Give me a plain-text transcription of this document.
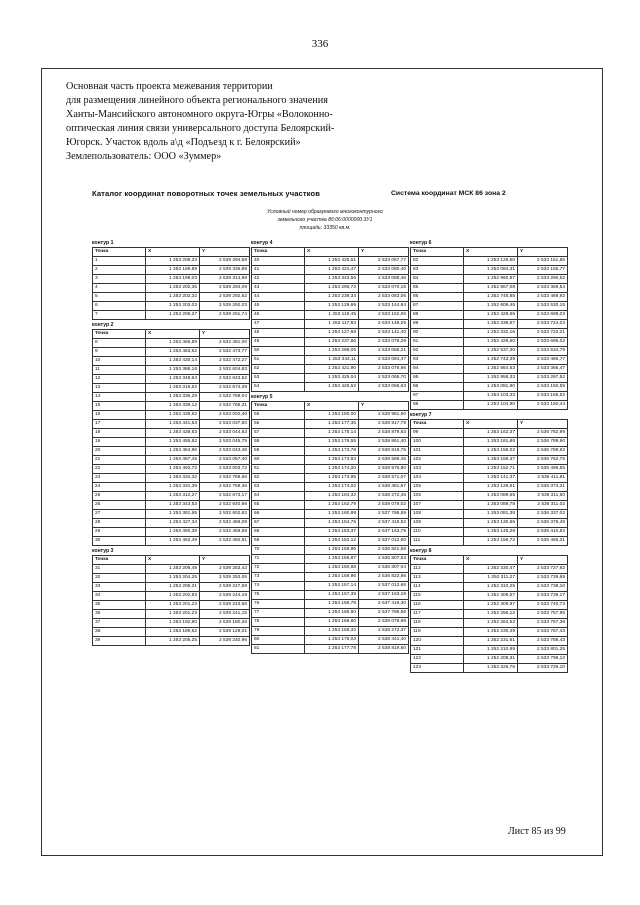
336
Основная часть проекта межевания территории
для размещения линейного объекта регионального значения
Ханты-Мансийского автономного округа-Югры «Волоконно-
оптическая линия связи универсального доступа Белоярский-
Югорск. Участок вдоль а\д «Подъезд к г. Белоярский»
Землепользователь: ООО «Зуммер»
Каталог координат поворотных точек земельных участков	Система координат МСК 86 зона 2
Условный номер образуемого многоконтурного
земельного участка 86:06:0000000:3У1
площадь: 33350 кв.м.
контур 1
Точка	X	Y
1	1 253 208,33	2 539 294,59
2	1 253 189,89	2 539 336,89
3	1 253 199,03	2 539 314,98
4	1 253 202,35	2 539 294,09
5	1 253 202,32	2 539 292,52
6	1 253 203,03	2 539 292,03
7	1 253 206,27	2 539 291,74
контур 2
Точка	X	Y
8	1 253 466,89	2 532 481,00
9	1 253 463,82	2 532 473,77
10	1 253 430,14	2 532 472,27
11	1 253 386,18	2 532 604,83
12	1 253 348,64	2 532 643,52
13	1 253 316,62	2 532 674,39
14	1 253 336,29	2 532 759,04
15	1 253 339,12	2 532 766,31
16	1 253 436,62	2 533 002,40
17	1 253 441,53	2 533 037,60
18	1 253 438,63	2 533 044,83
19	1 253 455,82	2 533 045,75
20	1 253 464,96	2 533 043,48
21	1 253 487,45	2 533 057,40
22	1 253 492,72	2 533 003,72
23	1 253 334,32	2 532 768,66
24	1 253 331,39	2 532 759,36
25	1 253 312,27	2 532 673,17
26	1 253 343,53	2 532 640,98
27	1 253 381,65	2 532 602,82
28	1 253 427,34	2 532 468,09
29	1 253 450,38	2 532 459,58
30	1 253 462,49	2 532 460,91
контур 3
Точка	X	Y
31	1 253 206,49	2 539 253,43
32	1 253 204,25	2 539 253,06
33	1 253 205,31	2 539 247,59
34	1 253 202,83	2 539 244,19
35	1 253 201,23	2 539 243,56
36	1 253 201,23	2 539 241,15
37	1 253 192,90	2 539 180,26
38	1 253 189,82	2 539 129,01
39	1 253 205,25	2 539 240,96
контур 4
Точка	X	Y
40	1 253 425,51	2 533 067,77
41	1 253 424,47	2 533 080,40
42	1 253 343,56	2 533 088,46
43	1 253 296,72	2 533 070,15
44	1 253 239,34	2 533 083,06
45	1 253 129,69	2 533 144,84
46	1 253 119,45	2 533 152,06
47	1 253 117,93	2 533 148,25
48	1 253 127,68	2 533 141,40
49	1 253 237,86	2 533 079,29
50	1 253 298,05	2 533 066,21
51	1 253 344,11	2 533 084,47
52	1 253 421,90	2 533 076,96
53	1 253 425,04	2 533 065,70
54	1 253 426,52	2 533 066,63
контур 5
Точка	X	Y
55	1 253 180,00	2 538 981,60
56	1 253 177,35	2 538 917,79
57	1 253 175,14	2 538 879,83
58	1 253 176,55	2 538 861,40
59	1 253 173,78	2 538 819,75
60	1 253 173,93	2 538 589,45
61	1 253 174,20	2 538 576,80
62	1 253 173,95	2 538 571,07
63	1 253 174,02	2 538 481,67
64	1 253 164,32	2 538 272,45
65	1 253 162,79	2 538 079,02
66	1 253 160,89	2 537 786,59
67	1 253 154,75	2 537 418,52
68	1 253 153,37	2 537 163,79
69	1 253 153,12	2 537 012,60
70	1 253 155,96	2 536 821,58
71	1 253 156,87	2 536 807,53
72	1 253 160,88	2 536 807,04
73	1 253 159,96	2 536 822,98
74	1 253 157,14	2 537 012,66
75	1 253 157,38	2 537 163,19
76	1 253 158,78	2 537 418,30
77	1 253 165,90	2 537 786,56
78	1 253 166,80	2 538 078,99
79	1 253 168,33	2 538 272,37
80	1 253 178,03	2 538 441,40
81	1 253 177,78	2 538 819,60
контур 6
Точка	X	Y
82	1 253 125,50	2 533 151,86
83	1 253 084,31	2 533 155,77
84	1 252 960,97	2 533 290,52
85	1 252 867,08	2 533 369,54
86	1 252 745,85	2 533 469,92
87	1 252 609,45	2 533 530,15
88	1 252 428,66	2 533 699,03
89	1 252 338,67	2 533 724,04
90	1 252 332,16	2 533 722,21
91	1 252 429,60	2 533 695,02
92	1 252 537,30	2 533 534,79
93	1 252 743,39	2 533 466,77
94	1 252 864,53	2 533 366,47
95	1 252 958,33	2 533 287,52
96	1 253 081,90	2 533 150,55
97	1 253 103,33	2 533 158,52
98	1 253 104,90	2 533 150,44
контур 7
Точка	X	Y
99	1 253 162,37	2 536 782,99
100	1 253 161,88	2 536 789,90
101	1 253 158,02	2 536 788,92
102	1 253 158,37	2 536 762,76
103	1 253 152,71	2 536 496,55
104	1 253 141,37	2 536 411,81
105	1 253 128,61	2 536 373,31
106	1 253 089,65	2 536 311,60
107	1 253 089,78	2 536 311,02
108	1 253 081,38	2 536 337,02
109	1 253 130,56	2 536 376,46
110	1 253 145,28	2 536 410,82
111	1 253 156,72	2 536 465,31
контур 8
Точка	X	Y
112	1 252 330,47	2 533 727,92
113	1 252 311,27	2 533 739,69
114	1 252 310,25	2 533 738,10
115	1 252 306,57	2 533 739,17
116	1 252 309,97	2 533 740,73
117	1 252 256,12	2 533 757,96
118	1 252 264,52	2 533 767,38
119	1 252 230,49	2 533 767,43
120	1 252 231,61	2 533 788,43
121	1 252 210,99	2 533 801,25
122	1 252 208,31	2 533 798,12
123	1 252 325,76	2 533 726,10
Лист 85 из 99
